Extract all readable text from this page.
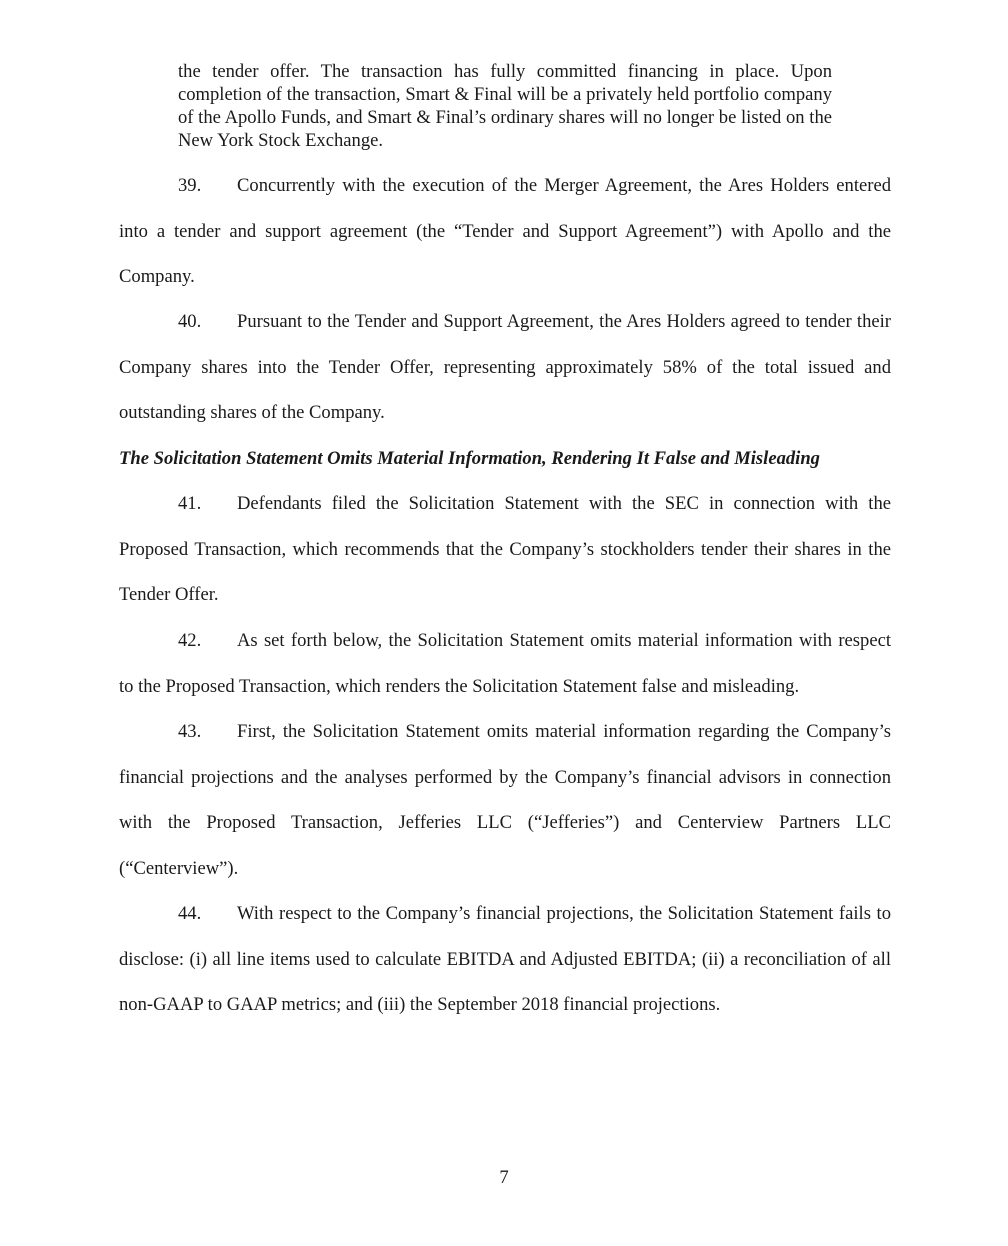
the tender offer. The transaction has fully committed financing in place. Upon completion of the transaction, Smart & Final will be a privately held portfolio company of the Apollo Funds, and Smart & Final’s ordinary shares will no longer be listed on the New York Stock Exchange.

39. Concurrently with the execution of the Merger Agreement, the Ares Holders entered into a tender and support agreement (the “Tender and Support Agreement”) with Apollo and the Company.

40. Pursuant to the Tender and Support Agreement, the Ares Holders agreed to tender their Company shares into the Tender Offer, representing approximately 58% of the total issued and outstanding shares of the Company.

The Solicitation Statement Omits Material Information, Rendering It False and Misleading

41. Defendants filed the Solicitation Statement with the SEC in connection with the Proposed Transaction, which recommends that the Company’s stockholders tender their shares in the Tender Offer.

42. As set forth below, the Solicitation Statement omits material information with respect to the Proposed Transaction, which renders the Solicitation Statement false and misleading.

43. First, the Solicitation Statement omits material information regarding the Company’s financial projections and the analyses performed by the Company’s financial advisors in connection with the Proposed Transaction, Jefferies LLC (“Jefferies”) and Centerview Partners LLC (“Centerview”).

44. With respect to the Company’s financial projections, the Solicitation Statement fails to disclose: (i) all line items used to calculate EBITDA and Adjusted EBITDA; (ii) a reconciliation of all non-GAAP to GAAP metrics; and (iii) the September 2018 financial projections.

7
